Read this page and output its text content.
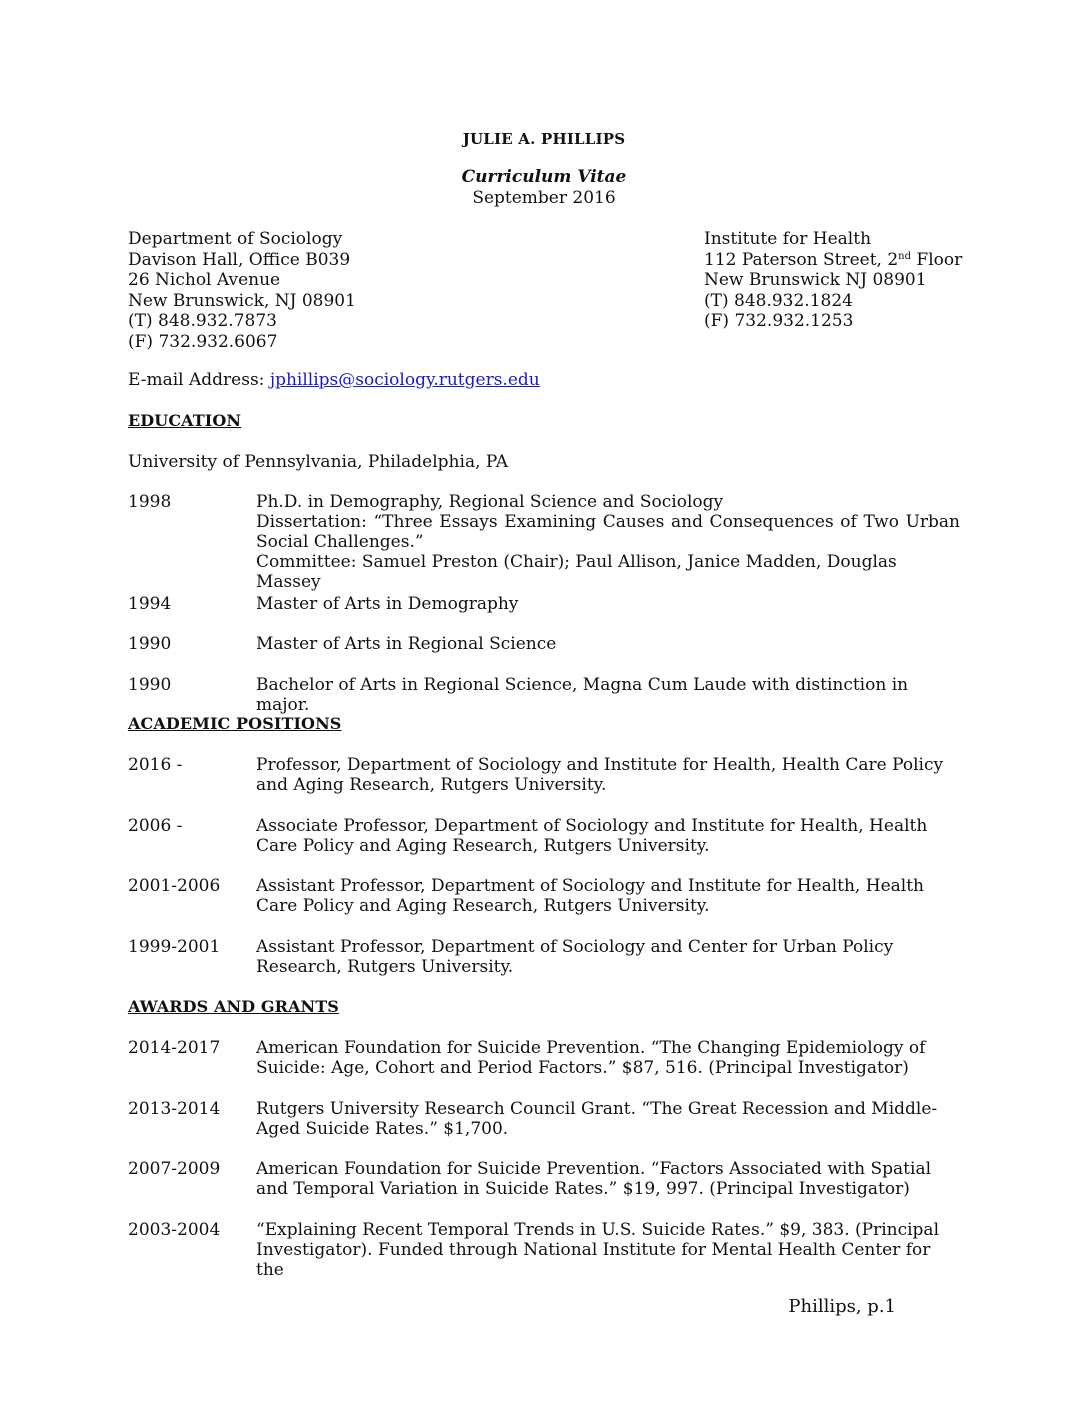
JULIE A. PHILLIPS
Curriculum Vitae
September 2016
Department of Sociology
Davison Hall, Office B039
26 Nichol Avenue
New Brunswick, NJ 08901
(T) 848.932.7873
(F) 732.932.6067
Institute for Health
112 Paterson Street, 2nd Floor
New Brunswick NJ 08901
(T) 848.932.1824
(F) 732.932.1253
E-mail Address: jphillips@sociology.rutgers.edu
EDUCATION
University of Pennsylvania, Philadelphia, PA
1998	Ph.D. in Demography, Regional Science and Sociology
Dissertation: “Three Essays Examining Causes and Consequences of Two Urban Social Challenges.”
Committee: Samuel Preston (Chair); Paul Allison, Janice Madden, Douglas Massey
1994	Master of Arts in Demography
1990	Master of Arts in Regional Science
1990	Bachelor of Arts in Regional Science, Magna Cum Laude with distinction in major.
ACADEMIC POSITIONS
2016 -	Professor, Department of Sociology and Institute for Health, Health Care Policy and Aging Research, Rutgers University.
2006 -	Associate Professor, Department of Sociology and Institute for Health, Health Care Policy and Aging Research, Rutgers University.
2001-2006	Assistant Professor, Department of Sociology and Institute for Health, Health Care Policy and Aging Research, Rutgers University.
1999-2001	Assistant Professor, Department of Sociology and Center for Urban Policy Research, Rutgers University.
AWARDS AND GRANTS
2014-2017	American Foundation for Suicide Prevention. “The Changing Epidemiology of Suicide: Age, Cohort and Period Factors.” $87, 516. (Principal Investigator)
2013-2014	Rutgers University Research Council Grant. “The Great Recession and Middle-Aged Suicide Rates.” $1,700.
2007-2009	American Foundation for Suicide Prevention. “Factors Associated with Spatial and Temporal Variation in Suicide Rates.” $19, 997. (Principal Investigator)
2003-2004	“Explaining Recent Temporal Trends in U.S. Suicide Rates.” $9, 383. (Principal Investigator). Funded through National Institute for Mental Health Center for the
Phillips, p.1
